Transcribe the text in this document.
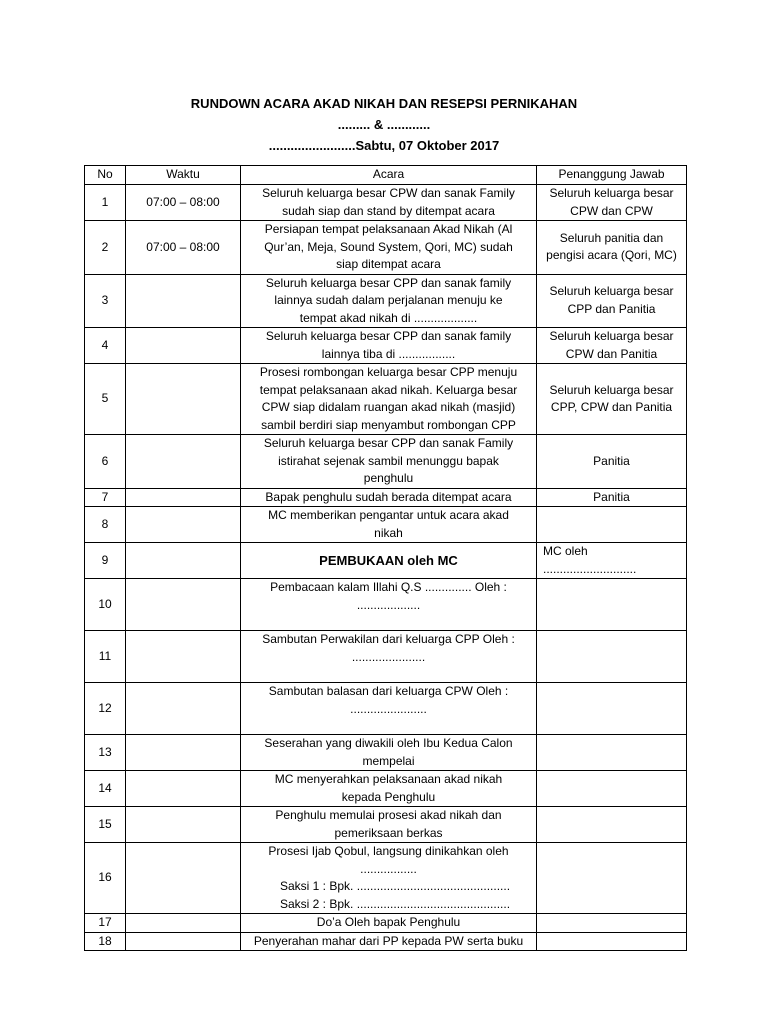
RUNDOWN ACARA AKAD NIKAH DAN RESEPSI PERNIKAHAN
......... & ............
........................Sabtu, 07 Oktober 2017
No	Waktu	Acara	Penanggung Jawab
1	07:00 – 08:00	Seluruh keluarga besar CPW dan sanak Family
sudah siap dan stand by ditempat acara	Seluruh keluarga besar
CPW dan CPW

2	07:00 – 08:00	Persiapan tempat pelaksanaan Akad Nikah (Al
Qur’an, Meja, Sound System, Qori, MC) sudah
siap ditempat acara	Seluruh panitia dan
pengisi acara (Qori, MC)

3		Seluruh keluarga besar CPP dan sanak family
lainnya sudah dalam perjalanan menuju ke
tempat akad nikah di ...................	Seluruh keluarga besar
CPP dan Panitia

4		Seluruh keluarga besar CPP dan sanak family
lainnya tiba di .................	Seluruh keluarga besar
CPW dan Panitia

5		Prosesi rombongan keluarga besar CPP menuju
tempat pelaksanaan akad nikah. Keluarga besar
CPW siap didalam ruangan akad nikah (masjid)
sambil berdiri siap menyambut rombongan CPP	Seluruh keluarga besar
CPP, CPW dan Panitia

6		Seluruh keluarga besar CPP dan sanak Family
istirahat sejenak sambil menunggu bapak
penghulu	Panitia

7		Bapak penghulu sudah berada ditempat acara	Panitia

8		MC memberikan pengantar untuk acara akad
nikah	

9		PEMBUKAAN oleh MC	MC oleh ............................

10		Pembacaan kalam Illahi Q.S .............. Oleh :
...................	

11		Sambutan Perwakilan dari keluarga CPP Oleh :
......................	

12		Sambutan balasan dari keluarga CPW Oleh :
.......................	

13		Seserahan yang diwakili oleh Ibu Kedua Calon
mempelai	

14		MC menyerahkan pelaksanaan akad nikah
kepada Penghulu	

15		Penghulu memulai prosesi akad nikah dan
pemeriksaan berkas	

16		Prosesi Ijab Qobul, langsung dinikahkan oleh
.................
Saksi 1 : Bpk. ..............................................
Saksi 2 : Bpk. ..............................................	

17		Do’a Oleh bapak Penghulu	

18		Penyerahan mahar dari PP kepada PW serta buku	
